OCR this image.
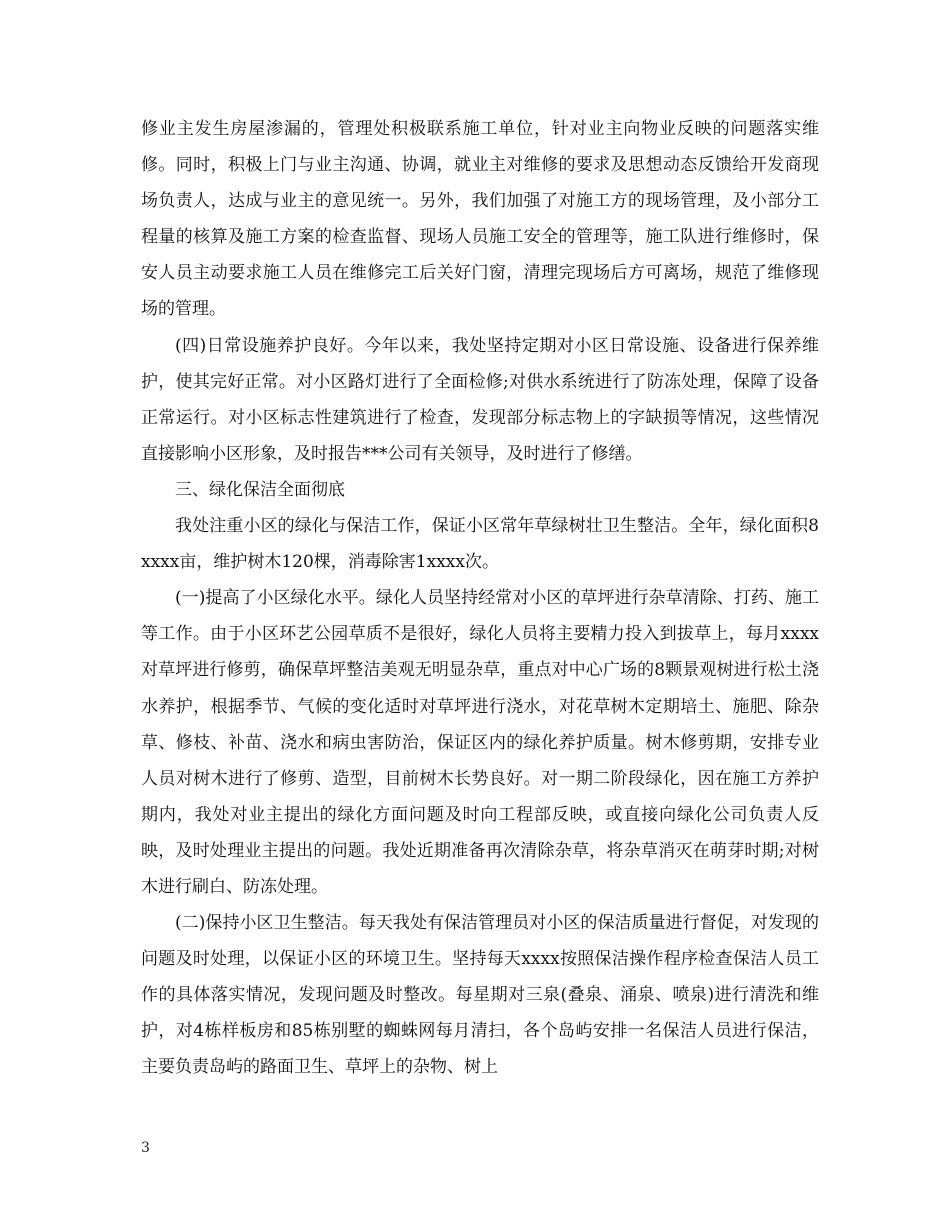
修业主发生房屋渗漏的，管理处积极联系施工单位，针对业主向物业反映的问题落实维修。同时，积极上门与业主沟通、协调，就业主对维修的要求及思想动态反馈给开发商现场负责人，达成与业主的意见统一。另外，我们加强了对施工方的现场管理，及小部分工程量的核算及施工方案的检查监督、现场人员施工安全的管理等，施工队进行维修时，保安人员主动要求施工人员在维修完工后关好门窗，清理完现场后方可离场，规范了维修现场的管理。

(四)日常设施养护良好。今年以来，我处坚持定期对小区日常设施、设备进行保养维护，使其完好正常。对小区路灯进行了全面检修;对供水系统进行了防冻处理，保障了设备正常运行。对小区标志性建筑进行了检查，发现部分标志物上的字缺损等情况，这些情况直接影响小区形象，及时报告***公司有关领导，及时进行了修缮。

三、绿化保洁全面彻底

我处注重小区的绿化与保洁工作，保证小区常年草绿树壮卫生整洁。全年，绿化面积8xxxx亩，维护树木120棵，消毒除害1xxxx次。

(一)提高了小区绿化水平。绿化人员坚持经常对小区的草坪进行杂草清除、打药、施工等工作。由于小区环艺公园草质不是很好，绿化人员将主要精力投入到拔草上，每月xxxx对草坪进行修剪，确保草坪整洁美观无明显杂草，重点对中心广场的8颗景观树进行松土浇水养护，根据季节、气候的变化适时对草坪进行浇水，对花草树木定期培土、施肥、除杂草、修枝、补苗、浇水和病虫害防治，保证区内的绿化养护质量。树木修剪期，安排专业人员对树木进行了修剪、造型，目前树木长势良好。对一期二阶段绿化，因在施工方养护期内，我处对业主提出的绿化方面问题及时向工程部反映，或直接向绿化公司负责人反映，及时处理业主提出的问题。我处近期准备再次清除杂草，将杂草消灭在萌芽时期;对树木进行刷白、防冻处理。

(二)保持小区卫生整洁。每天我处有保洁管理员对小区的保洁质量进行督促，对发现的问题及时处理，以保证小区的环境卫生。坚持每天xxxx按照保洁操作程序检查保洁人员工作的具体落实情况，发现问题及时整改。每星期对三泉(叠泉、涌泉、喷泉)进行清洗和维护，对4栋样板房和85栋别墅的蜘蛛网每月清扫，各个岛屿安排一名保洁人员进行保洁，主要负责岛屿的路面卫生、草坪上的杂物、树上

3
